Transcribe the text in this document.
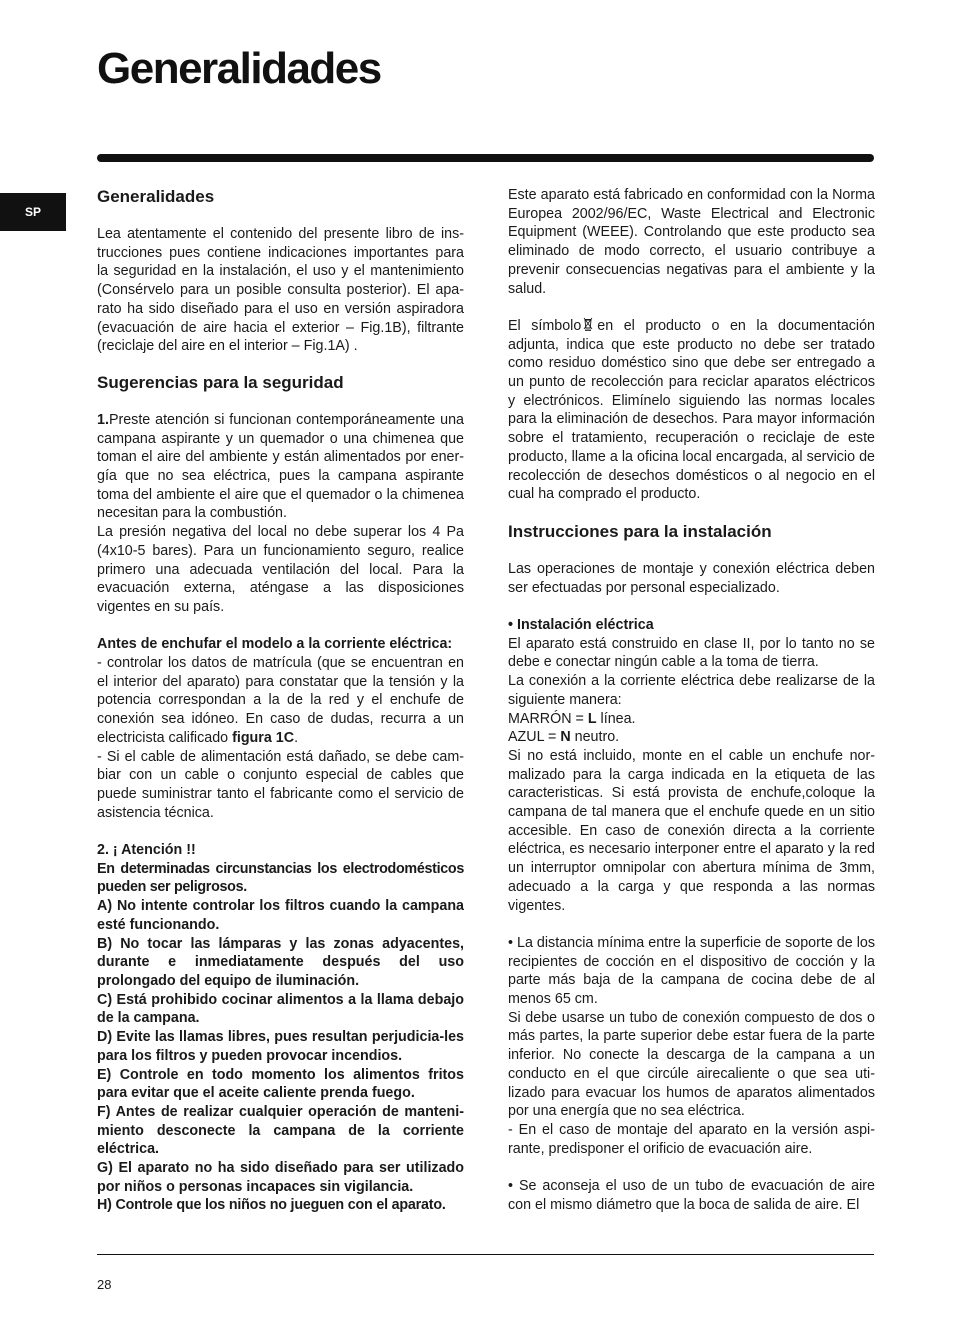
Generalidades
SP
Generalidades

Lea atentamente el contenido del presente libro de ins-trucciones pues contiene indicaciones importantes para la seguridad en la instalación, el uso y el mantenimiento (Consérvelo para un posible consulta posterior). El apa-rato ha sido diseñado para el uso en versión aspiradora (evacuación de aire hacia el exterior – Fig.1B), filtrante (reciclaje del aire en el interior – Fig.1A) .

Sugerencias para la seguridad

1.Preste atención si funcionan contemporáneamente una campana aspirante y un quemador o una chimenea que toman el aire del ambiente y están alimentados por ener-gía que no sea eléctrica, pues la campana aspirante toma del ambiente el aire que el quemador o la chimenea necesitan para la combustión.

La presión negativa del local no debe superar los 4 Pa (4x10-5 bares). Para un funcionamiento seguro, realice primero una adecuada ventilación del local. Para la evacuación externa, aténgase a las disposiciones vigentes en su país.

Antes de enchufar el modelo a la corriente eléctrica:

- controlar los datos de matrícula (que se encuentran en el interior del aparato) para constatar que la tensión y la potencia correspondan a la de la red y el enchufe de conexión sea idóneo. En caso de dudas, recurra a un electricista calificado figura 1C.

- Si el cable de alimentación está dañado, se debe cam-biar con un cable o conjunto especial de cables que puede suministrar tanto el fabricante como el servicio de asistencia técnica.

2. ¡ Atención !!

En determinadas circunstancias los electrodomésticos pueden ser peligrosos.

A) No intente controlar los filtros cuando la campana esté funcionando.

B) No tocar las lámparas y las zonas adyacentes, durante e inmediatamente después del uso prolongado del equipo de iluminación.

C) Está prohibido cocinar alimentos a la llama debajo de la campana.

D) Evite las llamas libres, pues resultan perjudicia-les para los filtros y pueden provocar incendios.

E) Controle en todo momento los alimentos fritos para evitar que el aceite caliente prenda fuego.

F) Antes de realizar cualquier operación de manteni-miento desconecte la campana de la corriente eléctrica.

G) El aparato no ha sido diseñado para ser utilizado por niños o personas incapaces sin vigilancia.

H) Controle que los niños no jueguen con el aparato.

Este aparato está fabricado en conformidad con la Norma Europea 2002/96/EC, Waste Electrical and Electronic Equipment (WEEE). Controlando que este producto sea eliminado de modo correcto, el usuario contribuye a prevenir consecuencias negativas para el ambiente y la salud.

El símbolo en el producto o en la documentación adjunta, indica que este producto no debe ser tratado como residuo doméstico sino que debe ser entregado a un punto de recolección para reciclar aparatos eléctricos y electrónicos. Elimínelo siguiendo las normas locales para la eliminación de desechos. Para mayor información sobre el tratamiento, recuperación o reciclaje de este producto, llame a la oficina local encargada, al servicio de recolección de desechos domésticos o al negocio en el cual ha comprado el producto.

Instrucciones para la instalación

Las operaciones de montaje y conexión eléctrica deben ser efectuadas por personal especializado.

• Instalación eléctrica

El aparato está construido en clase II, por lo tanto no se debe e conectar ningún cable a la toma de tierra.

La conexión a la corriente eléctrica debe realizarse de la siguiente manera:

MARRÓN = L línea.

AZUL = N neutro.

Si no está incluido, monte en el cable un enchufe nor-malizado para la carga indicada en la etiqueta de las caracteristicas. Si está provista de enchufe,coloque la campana de tal manera que el enchufe quede en un sitio accesible. En caso de conexión directa a la corriente eléctrica, es necesario interponer entre el aparato y la red un interruptor omnipolar con abertura mínima de 3mm, adecuado a la carga y que responda a las normas vigentes.

• La distancia mínima entre la superficie de soporte de los recipientes de cocción en el dispositivo de cocción y la parte más baja de la campana de cocina debe de al menos 65 cm.

Si debe usarse un tubo de conexión compuesto de dos o más partes, la parte superior debe estar fuera de la parte inferior. No conecte la descarga de la campana a un conducto en el que circúle airecaliente o que sea uti-lizado para evacuar los humos de aparatos alimentados por una energía que no sea eléctrica.

- En el caso de montaje del aparato en la versión aspi-rante, predisponer el orificio de evacuación aire.

• Se aconseja el uso de un tubo de evacuación de aire con el mismo diámetro que la boca de salida de aire. El

28
